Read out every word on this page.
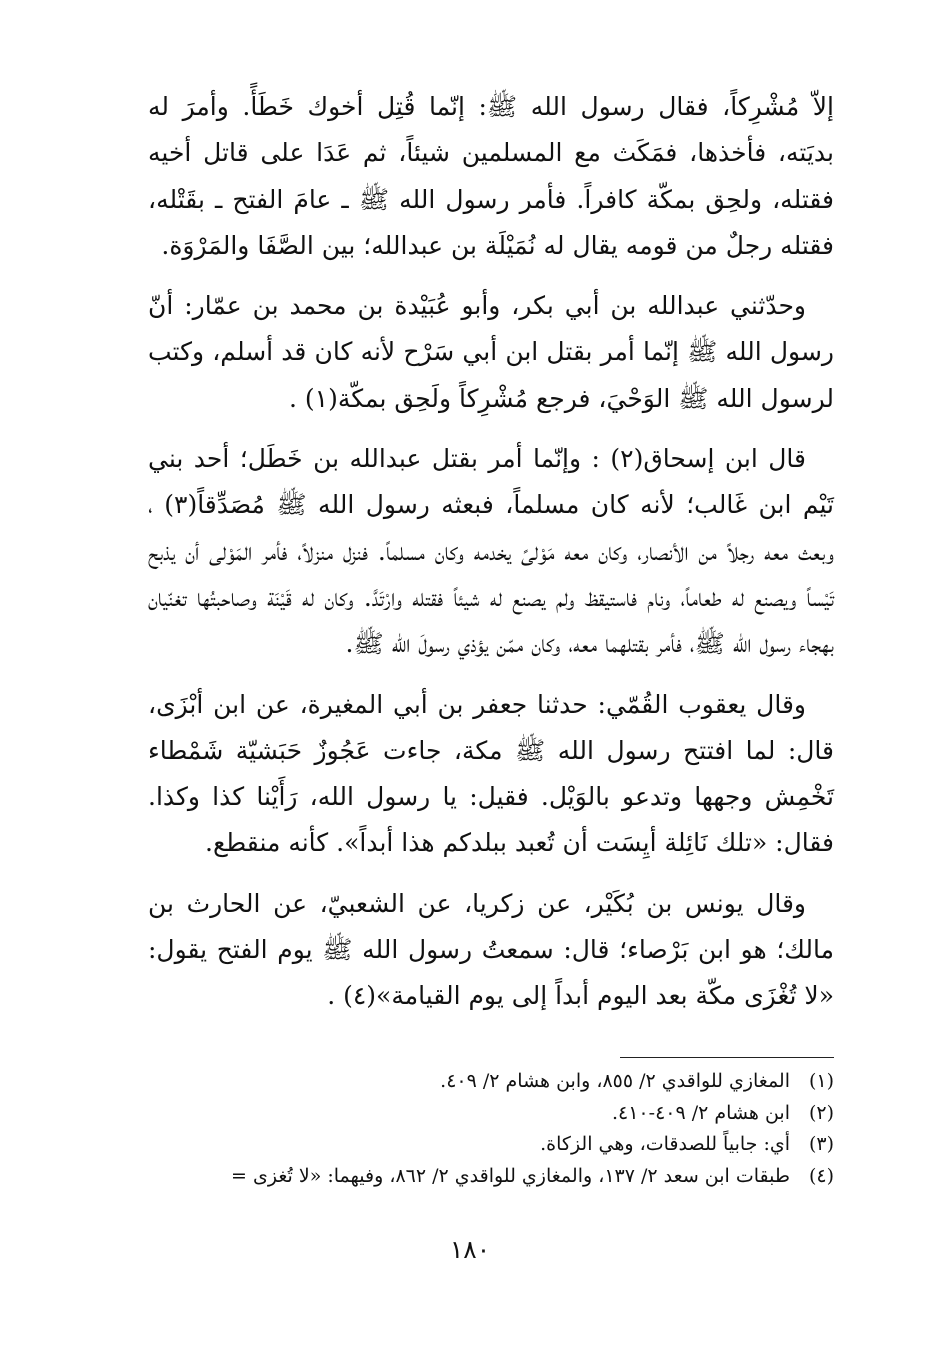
إلاّ مُشْرِكاً، فقال رسول الله ﷺ: إنّما قُتِل أخوك خَطَأً. وأمرَ له بديَته، فأخذها، فمَكَث مع المسلمين شيئاً، ثم عَدَا على قاتل أخيه فقتله، ولحِق بمكّة كافراً. فأمر رسول الله ﷺ ـ عامَ الفتح ـ بقَتْله، فقتله رجلٌ من قومه يقال له نُمَيْلَة بن عبدالله؛ بين الصَّفَا والمَرْوَة.

وحدّثني عبدالله بن أبي بكر، وأبو عُبَيْدة بن محمد بن عمّار: أنّ رسول الله ﷺ إنّما أمر بقتل ابن أبي سَرْح لأنه كان قد أسلم، وكتب لرسول الله ﷺ الوَحْيَ، فرجع مُشْرِكاً ولَحِق بمكّة(١) .

قال ابن إسحاق(٢) : وإنّما أمر بقتل عبدالله بن خَطَل؛ أحد بني تَيْم ابن غَالب؛ لأنه كان مسلماً، فبعثه رسول الله ﷺ مُصَدِّقاً(٣) ، وبعث معه رجلاً من الأنصار، وكان معه مَوْلىً يخدمه وكان مسلماً. فنزل منزلاً، فأمر المَوْلى أن يذبح تَيْساً ويصنع له طعاماً، ونام فاستيقظ ولم يصنع له شيئاً فقتله وارْتَدَّ. وكان له قَيْنَة وصاحبتُها تغنّيان بهجاء رسول الله ﷺ، فأمر بقتلهما معه، وكان ممّن يؤذي رسولَ الله ﷺ.

وقال يعقوب القُمّي: حدثنا جعفر بن أبي المغيرة، عن ابن أبْزَى، قال: لما افتتح رسول الله ﷺ مكة، جاءت عَجُوزٌ حَبَشيّة شَمْطاء تَخْمِش وجهها وتدعو بالوَيْل. فقيل: يا رسول الله، رَأَيْنا كذا وكذا. فقال: «تلك نَائِلة أيِسَت أن تُعبد ببلدكم هذا أبداً». كأنه منقطع.

وقال يونس بن بُكَيْر، عن زكريا، عن الشعبيّ، عن الحارث بن مالك؛ هو ابن بَرْصاء؛ قال: سمعتُ رسول الله ﷺ يوم الفتح يقول: «لا تُغْزَى مكّة بعد اليوم أبداً إلى يوم القيامة»(٤) .

(١)المغازي للواقدي ٢/ ٨٥٥، وابن هشام ٢/ ٤٠٩.
(٢)ابن هشام ٢/ ٤٠٩-٤١٠.
(٣)أي: جابياً للصدقات، وهي الزكاة.
(٤)طبقات ابن سعد ٢/ ١٣٧، والمغازي للواقدي ٢/ ٨٦٢، وفيهما: «لا تُغزى =
١٨٠
